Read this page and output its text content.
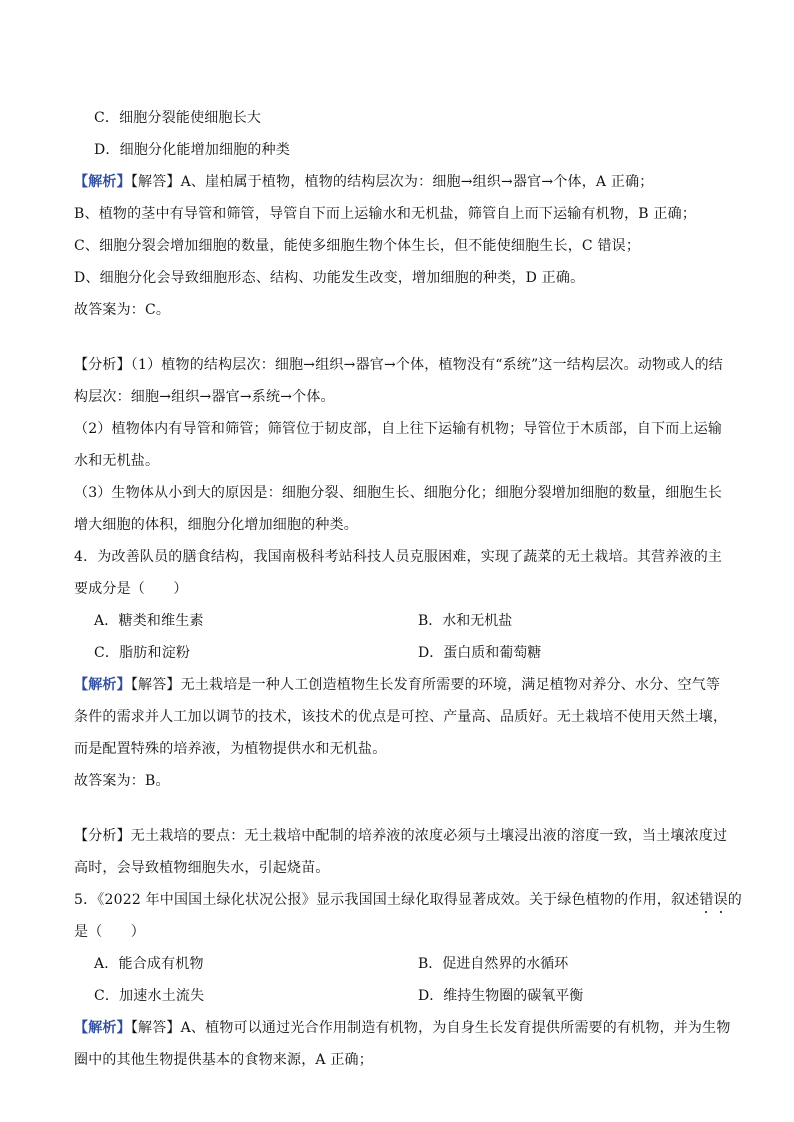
C．细胞分裂能使细胞长大
D．细胞分化能增加细胞的种类
【解析】【解答】A、崖柏属于植物，植物的结构层次为：细胞→组织→器官→个体，A 正确；
B、植物的茎中有导管和筛管，导管自下而上运输水和无机盐，筛管自上而下运输有机物，B 正确；
C、细胞分裂会增加细胞的数量，能使多细胞生物个体生长，但不能使细胞生长，C 错误；
D、细胞分化会导致细胞形态、结构、功能发生改变，增加细胞的种类，D 正确。
故答案为：C。
【分析】（1）植物的结构层次：细胞→组织→器官→个体，植物没有“系统”这一结构层次。动物或人的结
构层次：细胞→组织→器官→系统→个体。
（2）植物体内有导管和筛管；筛管位于韧皮部，自上往下运输有机物；导管位于木质部，自下而上运输
水和无机盐。
（3）生物体从小到大的原因是：细胞分裂、细胞生长、细胞分化；细胞分裂增加细胞的数量，细胞生长
增大细胞的体积，细胞分化增加细胞的种类。
4．为改善队员的膳食结构，我国南极科考站科技人员克服困难，实现了蔬菜的无土栽培。其营养液的主
要成分是（　　）
A．糖类和维生素	B．水和无机盐
C．脂肪和淀粉	D．蛋白质和葡萄糖
【解析】【解答】无土栽培是一种人工创造植物生长发育所需要的环境，满足植物对养分、水分、空气等
条件的需求并人工加以调节的技术，该技术的优点是可控、产量高、品质好。无土栽培不使用天然土壤，
而是配置特殊的培养液，为植物提供水和无机盐。
故答案为：B。
【分析】无土栽培的要点：无土栽培中配制的培养液的浓度必须与土壤浸出液的溶度一致，当土壤浓度过
高时，会导致植物细胞失水，引起烧苗。
5．《2022 年中国国土绿化状况公报》显示我国国土绿化取得显著成效。关于绿色植物的作用，叙述错误的
是（　　）
A．能合成有机物	B．促进自然界的水循环
C．加速水土流失	D．维持生物圈的碳氧平衡
【解析】【解答】A、植物可以通过光合作用制造有机物，为自身生长发育提供所需要的有机物，并为生物
圈中的其他生物提供基本的食物来源，A 正确；
